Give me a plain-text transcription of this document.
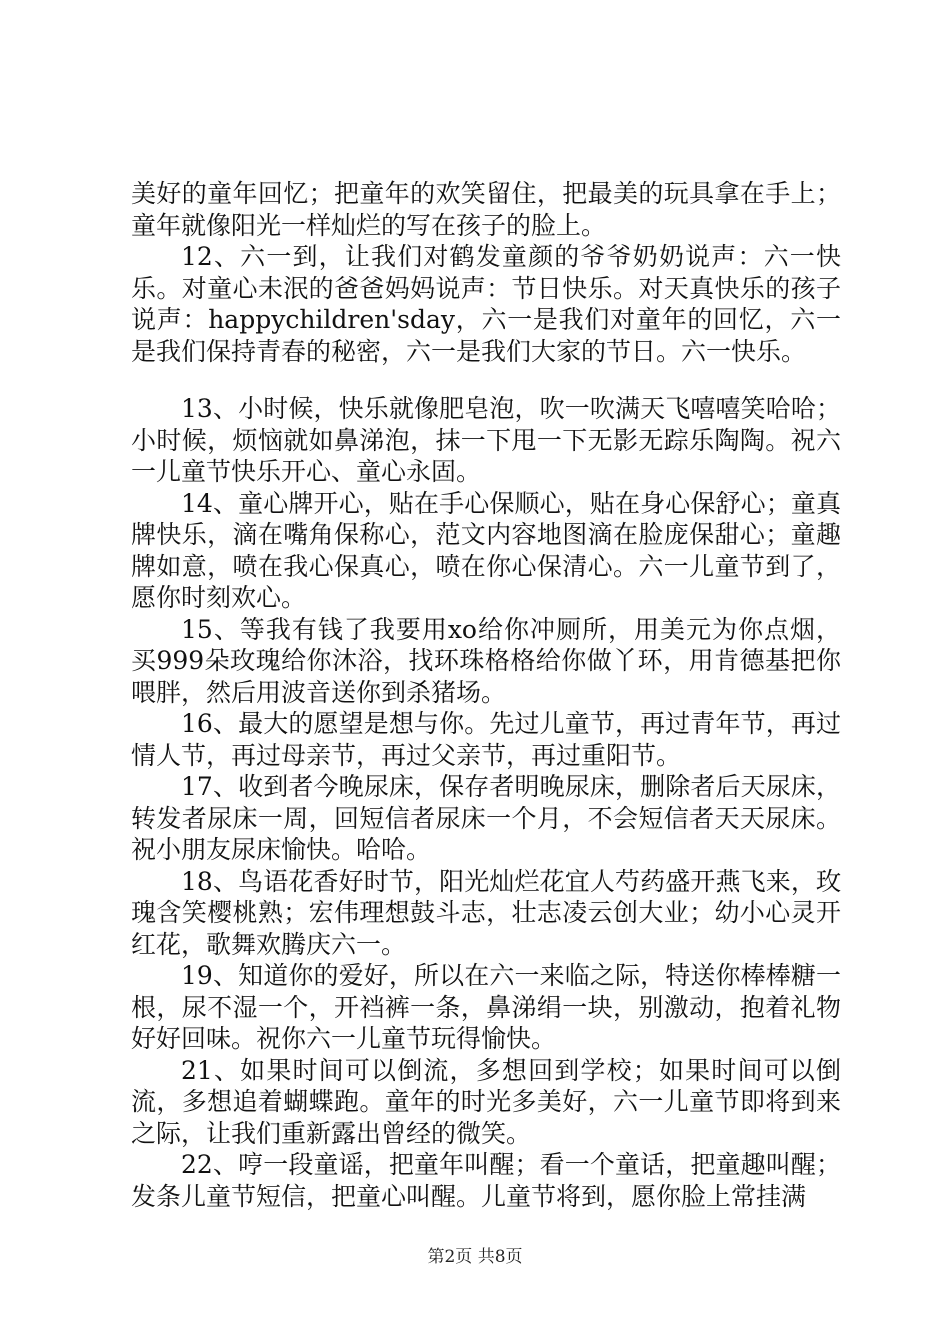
美好的童年回忆；把童年的欢笑留住，把最美的玩具拿在手上；童年就像阳光一样灿烂的写在孩子的脸上。

12、六一到，让我们对鹤发童颜的爷爷奶奶说声：六一快乐。对童心未泯的爸爸妈妈说声：节日快乐。对天真快乐的孩子说声：happychildren'sday，六一是我们对童年的回忆，六一是我们保持青春的秘密，六一是我们大家的节日。六一快乐。

13、小时候，快乐就像肥皂泡，吹一吹满天飞嘻嘻笑哈哈；小时候，烦恼就如鼻涕泡，抹一下甩一下无影无踪乐陶陶。祝六一儿童节快乐开心、童心永固。

14、童心牌开心，贴在手心保顺心，贴在身心保舒心；童真牌快乐，滴在嘴角保称心，范文内容地图滴在脸庞保甜心；童趣牌如意，喷在我心保真心，喷在你心保清心。六一儿童节到了，愿你时刻欢心。

15、等我有钱了我要用xo给你冲厕所，用美元为你点烟，买999朵玫瑰给你沐浴，找环珠格格给你做丫环，用肯德基把你喂胖，然后用波音送你到杀猪场。

16、最大的愿望是想与你。先过儿童节，再过青年节，再过情人节，再过母亲节，再过父亲节，再过重阳节。

17、收到者今晚尿床，保存者明晚尿床，删除者后天尿床，转发者尿床一周，回短信者尿床一个月，不会短信者天天尿床。祝小朋友尿床愉快。哈哈。

18、鸟语花香好时节，阳光灿烂花宜人芍药盛开燕飞来，玫瑰含笑樱桃熟；宏伟理想鼓斗志，壮志凌云创大业；幼小心灵开红花，歌舞欢腾庆六一。

19、知道你的爱好，所以在六一来临之际，特送你棒棒糖一根，尿不湿一个，开裆裤一条，鼻涕绢一块，别激动，抱着礼物好好回味。祝你六一儿童节玩得愉快。

21、如果时间可以倒流，多想回到学校；如果时间可以倒流，多想追着蝴蝶跑。童年的时光多美好，六一儿童节即将到来之际，让我们重新露出曾经的微笑。

22、哼一段童谣，把童年叫醒；看一个童话，把童趣叫醒；发条儿童节短信，把童心叫醒。儿童节将到，愿你脸上常挂满

第2页 共8页
